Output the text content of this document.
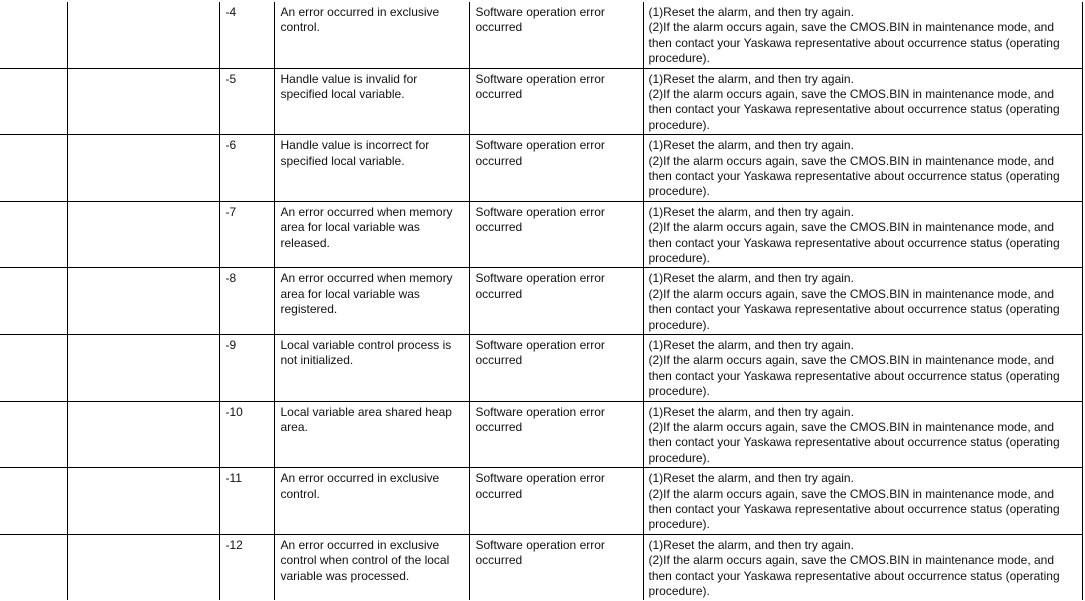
		-4	An error occurred in exclusive control.	Software operation error occurred	(1)Reset the alarm, and then try again.
(2)If the alarm occurs again, save the CMOS.BIN in maintenance mode, and then contact your Yaskawa representative about occurrence status (operating procedure).
		-5	Handle value is invalid for specified local variable.	Software operation error occurred	(1)Reset the alarm, and then try again.
(2)If the alarm occurs again, save the CMOS.BIN in maintenance mode, and then contact your Yaskawa representative about occurrence status (operating procedure).
		-6	Handle value is incorrect for specified local variable.	Software operation error occurred	(1)Reset the alarm, and then try again.
(2)If the alarm occurs again, save the CMOS.BIN in maintenance mode, and then contact your Yaskawa representative about occurrence status (operating procedure).
		-7	An error occurred when memory area for local variable was released.	Software operation error occurred	(1)Reset the alarm, and then try again.
(2)If the alarm occurs again, save the CMOS.BIN in maintenance mode, and then contact your Yaskawa representative about occurrence status (operating procedure).
		-8	An error occurred when memory area for local variable was registered.	Software operation error occurred	(1)Reset the alarm, and then try again.
(2)If the alarm occurs again, save the CMOS.BIN in maintenance mode, and then contact your Yaskawa representative about occurrence status (operating procedure).
		-9	Local variable control process is not initialized.	Software operation error occurred	(1)Reset the alarm, and then try again.
(2)If the alarm occurs again, save the CMOS.BIN in maintenance mode, and then contact your Yaskawa representative about occurrence status (operating procedure).
		-10	Local variable area shared heap area.	Software operation error occurred	(1)Reset the alarm, and then try again.
(2)If the alarm occurs again, save the CMOS.BIN in maintenance mode, and then contact your Yaskawa representative about occurrence status (operating procedure).
		-11	An error occurred in exclusive control.	Software operation error occurred	(1)Reset the alarm, and then try again.
(2)If the alarm occurs again, save the CMOS.BIN in maintenance mode, and then contact your Yaskawa representative about occurrence status (operating procedure).
		-12	An error occurred in exclusive control when control of the local variable was processed.	Software operation error occurred	(1)Reset the alarm, and then try again.
(2)If the alarm occurs again, save the CMOS.BIN in maintenance mode, and then contact your Yaskawa representative about occurrence status (operating procedure).
